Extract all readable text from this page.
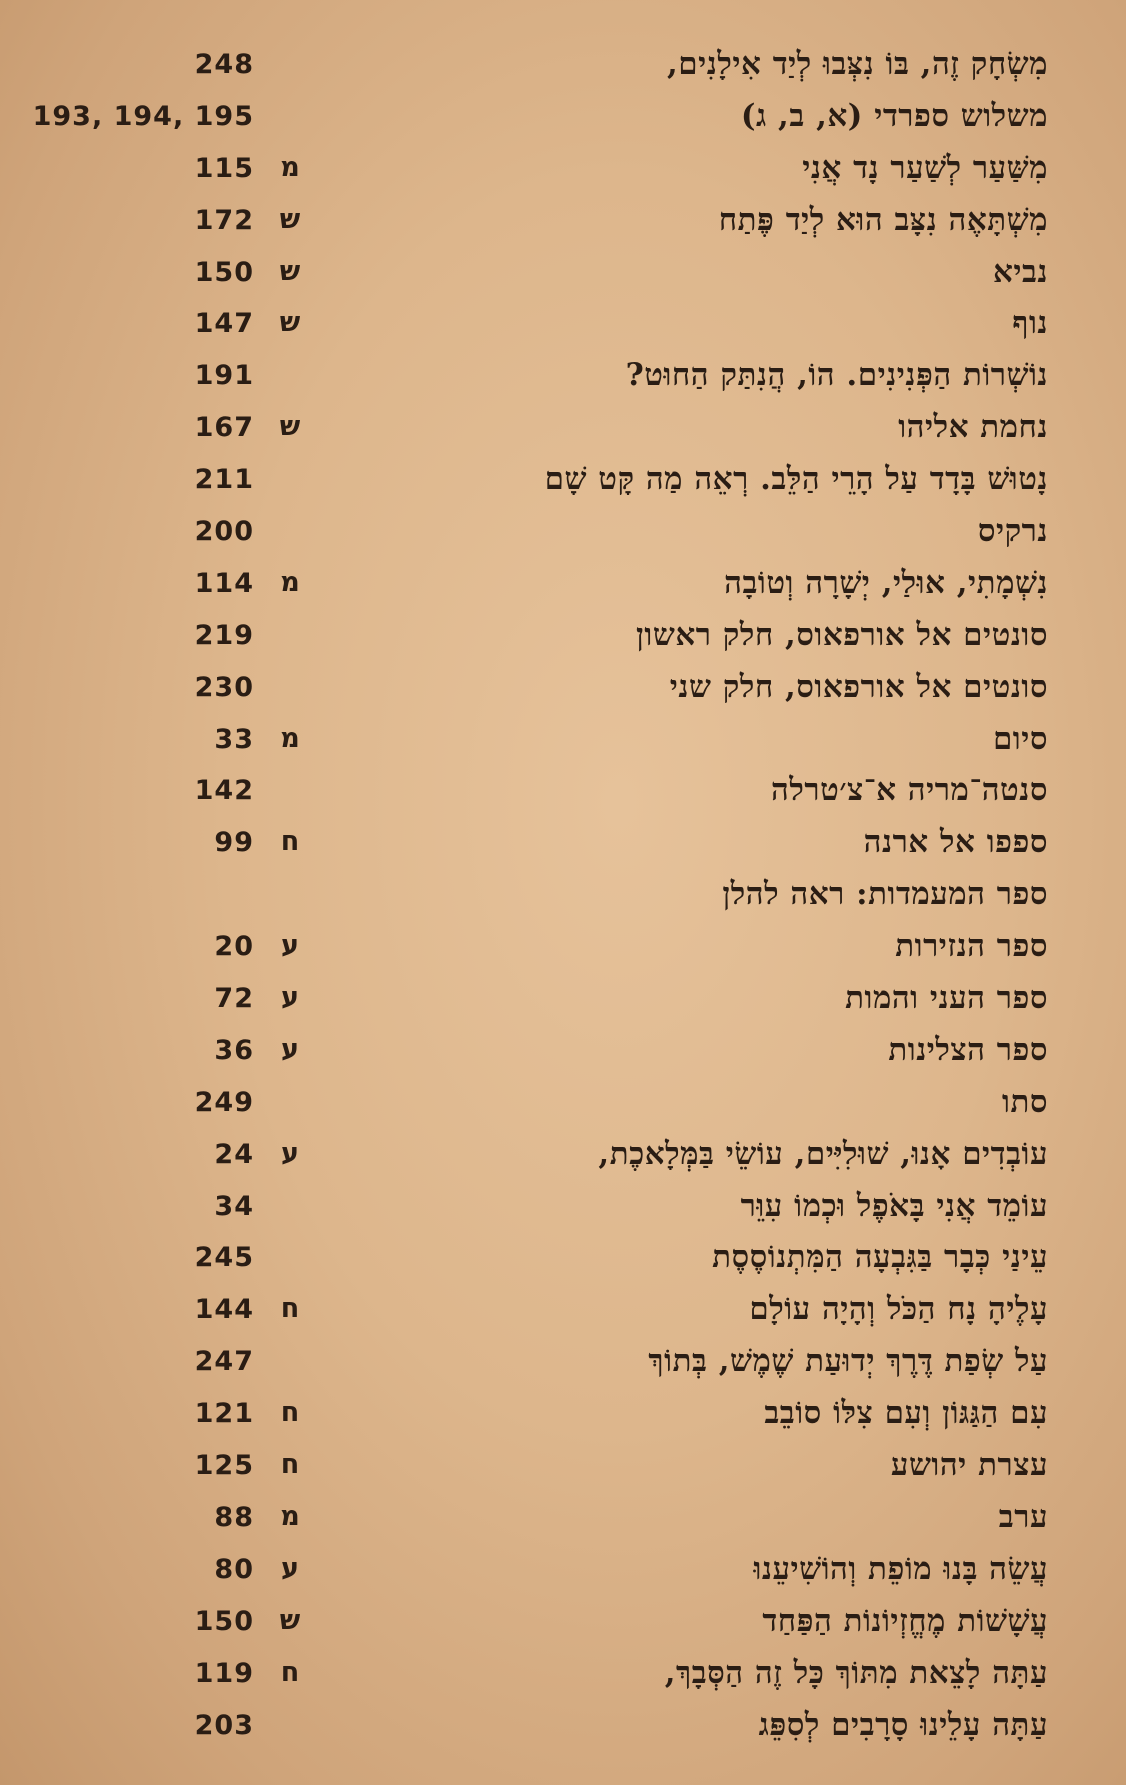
מִשְׂחָק זֶה, בּוֹ נִצְּבוּ לְיַד אִילָנִים,
248
משלוש ספרדי (א, ב, ג)
193, 194, 195
מִשַּׁעַר לְשַׁעַר נָד אֲנִי
מ
115
מִשְׁתָּאֶה נִצָּב הוּא לְיַד פֶּתַח
ש
172
נביא
ש
150
נוף
ש
147
נוֹשְׁרוֹת הַפְּנִינִים. הוֹ, הֲנִתַּק הַחוּט?
191
נחמת אליהו
ש
167
נָטוּשׁ בָּדָד עַל הָרֵי הַלֵּב. רְאֵה מַה קָּט שָׁם
211
נרקיס
200
נִשְׁמָתִי, אוּלַי, יְשָׁרָה וְטוֹבָה
מ
114
סונטים אל אורפאוס, חלק ראשון
219
סונטים אל אורפאוס, חלק שני
230
סיום
מ
33
סנטה־מריה א־צ׳טרלה
142
ספפו אל ארנה
ח
99
ספר המעמדות: ראה להלן
ספר הנזירות
ע
20
ספר העני והמות
ע
72
ספר הצלינות
ע
36
סתו
249
עוֹבְדִים אָנוּ, שׁוּלִיִּים, עוֹשֵׂי בַּמְּלָאכֶת,
ע
24
עוֹמֵד אֲנִי בָּאֹפֶל וּכְמוֹ עִוֵּר
34
עֵינַי כְּבָר בַּגִּבְעָה הַמִּתְנוֹסֶסֶת
245
עָלֶיהָ נָח הַכֹּל וְהָיָה עוֹלָם
ח
144
עַל שְׂפַת דֶּרֶךְ יְדוּעַת שֶׁמֶשׁ, בְּתוֹךְ
247
עִם הַגַּגּוֹן וְעִם צִלּוֹ סוֹבֵב
ח
121
עצרת יהושע
ח
125
ערב
מ
88
עֲשֵׂה בָּנוּ מוֹפֵת וְהוֹשִׁיעֵנוּ
ע
80
עֲשָׁשׁוֹת מֶחֱזְיוֹנוֹת הַפַּחַד
ש
150
עַתָּה לָצֵאת מִתּוֹךְ כָּל זֶה הַסְּבָךְ,
ח
119
עַתָּה עָלֵינוּ סָרָבִים לְסִפֵּג
203
